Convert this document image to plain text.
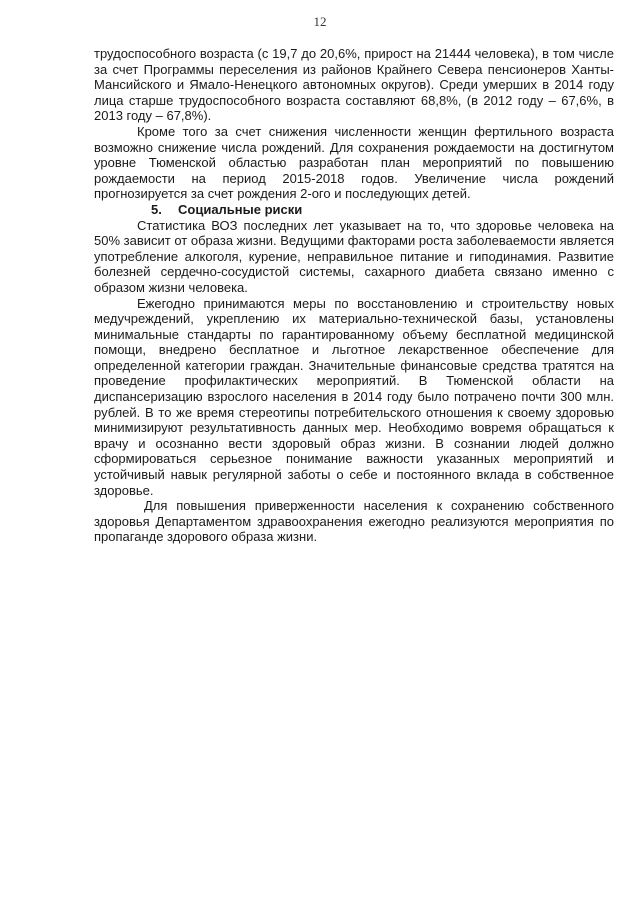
12

трудоспособного возраста (с 19,7 до 20,6%, прирост на 21444 человека), в том числе за счет Программы переселения из районов Крайнего Севера пенсионеров Ханты-Мансийского и Ямало-Ненецкого автономных округов). Среди умерших в 2014 году лица старше трудоспособного возраста составляют 68,8%, (в 2012 году – 67,6%, в 2013 году – 67,8%).

Кроме того за счет снижения численности женщин фертильного возраста возможно снижение числа рождений. Для сохранения рождаемости на достигнутом уровне Тюменской областью разработан план мероприятий по повышению рождаемости на период 2015-2018 годов. Увеличение числа рождений прогнозируется за счет рождения 2-ого и последующих детей.

5. Социальные риски

Статистика ВОЗ последних лет указывает на то, что здоровье человека на 50% зависит от образа жизни. Ведущими факторами роста заболеваемости является употребление алкоголя, курение, неправильное питание и гиподинамия. Развитие болезней сердечно-сосудистой системы, сахарного диабета связано именно с образом жизни человека.

Ежегодно принимаются меры по восстановлению и строительству новых медучреждений, укреплению их материально-технической базы, установлены минимальные стандарты по гарантированному объему бесплатной медицинской помощи, внедрено бесплатное и льготное лекарственное обеспечение для определенной категории граждан. Значительные финансовые средства тратятся на проведение профилактических мероприятий. В Тюменской области на диспансеризацию взрослого населения в 2014 году было потрачено почти 300 млн. рублей. В то же время стереотипы потребительского отношения к своему здоровью минимизируют результативность данных мер. Необходимо вовремя обращаться к врачу и осознанно вести здоровый образ жизни. В сознании людей должно сформироваться серьезное понимание важности указанных мероприятий и устойчивый навык регулярной заботы о себе и постоянного вклада в собственное здоровье.

Для повышения приверженности населения к сохранению собственного здоровья Департаментом здравоохранения ежегодно реализуются мероприятия по пропаганде здорового образа жизни.
